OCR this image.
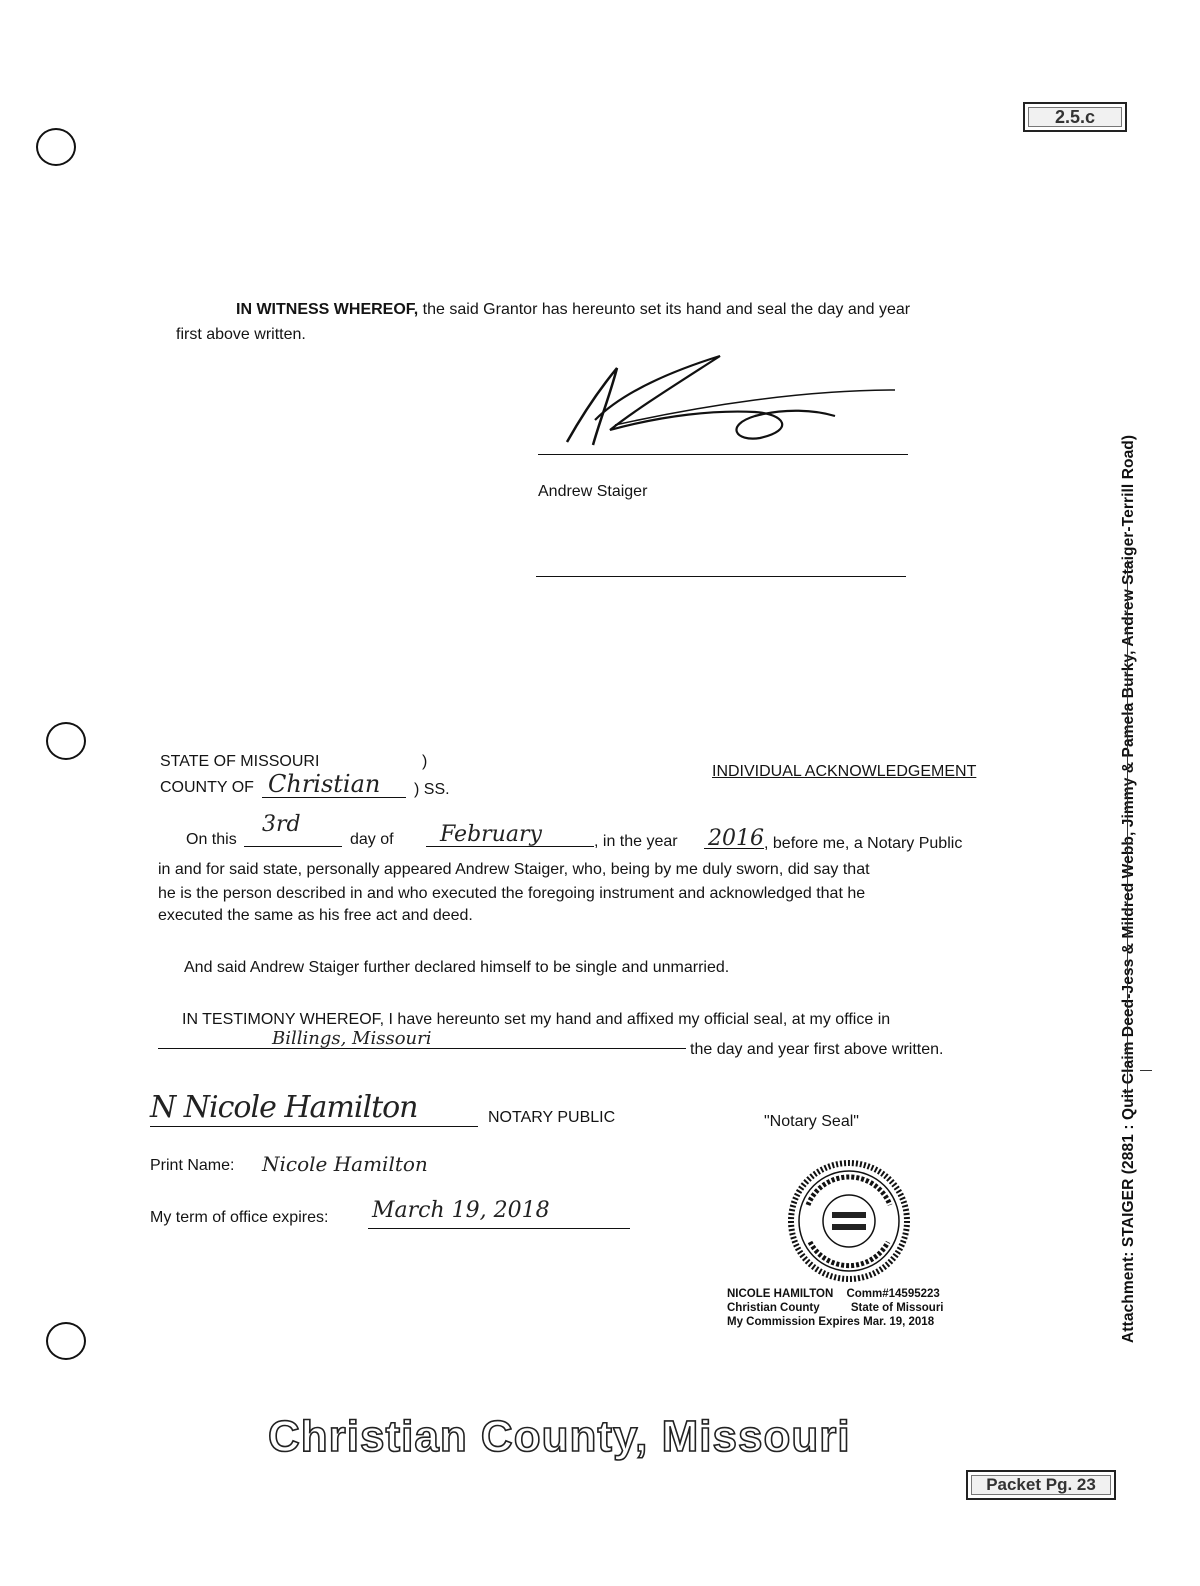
2.5.c
Attachment: STAIGER (2881 : Quit Claim Deed-Jess & Mildred Webb, Jimmy & Pamela Burky, Andrew Staiger-Terrill Road)
IN WITNESS WHEREOF, the said Grantor has hereunto set its hand and seal the day and year
first above written.
Andrew Staiger
STATE OF MISSOURI	)
COUNTY OF Christian ) SS.
INDIVIDUAL ACKNOWLEDGEMENT
On this
3rd
day of February	, in the year 2016 , before me, a Notary Public
in and for said state, personally appeared Andrew Staiger, who, being by me duly sworn, did say that
he is the person described in and who executed the foregoing instrument and acknowledged that he
executed the same as his free act and deed.
And said Andrew Staiger further declared himself to be single and unmarried.
IN TESTIMONY WHEREOF, I have hereunto set my hand and affixed my official seal, at my office in
Billings, Missouri
the day and year first above written.
N Nicole Hamilton	NOTARY PUBLIC	"Notary Seal"
Print Name: Nicole Hamilton
My term of office expires: March 19, 2018
NICOLE HAMILTON Comm#14595223
Christian County	State of Missouri
My Commission Expires Mar. 19, 2018
Christian County, Missouri
Packet Pg. 23
